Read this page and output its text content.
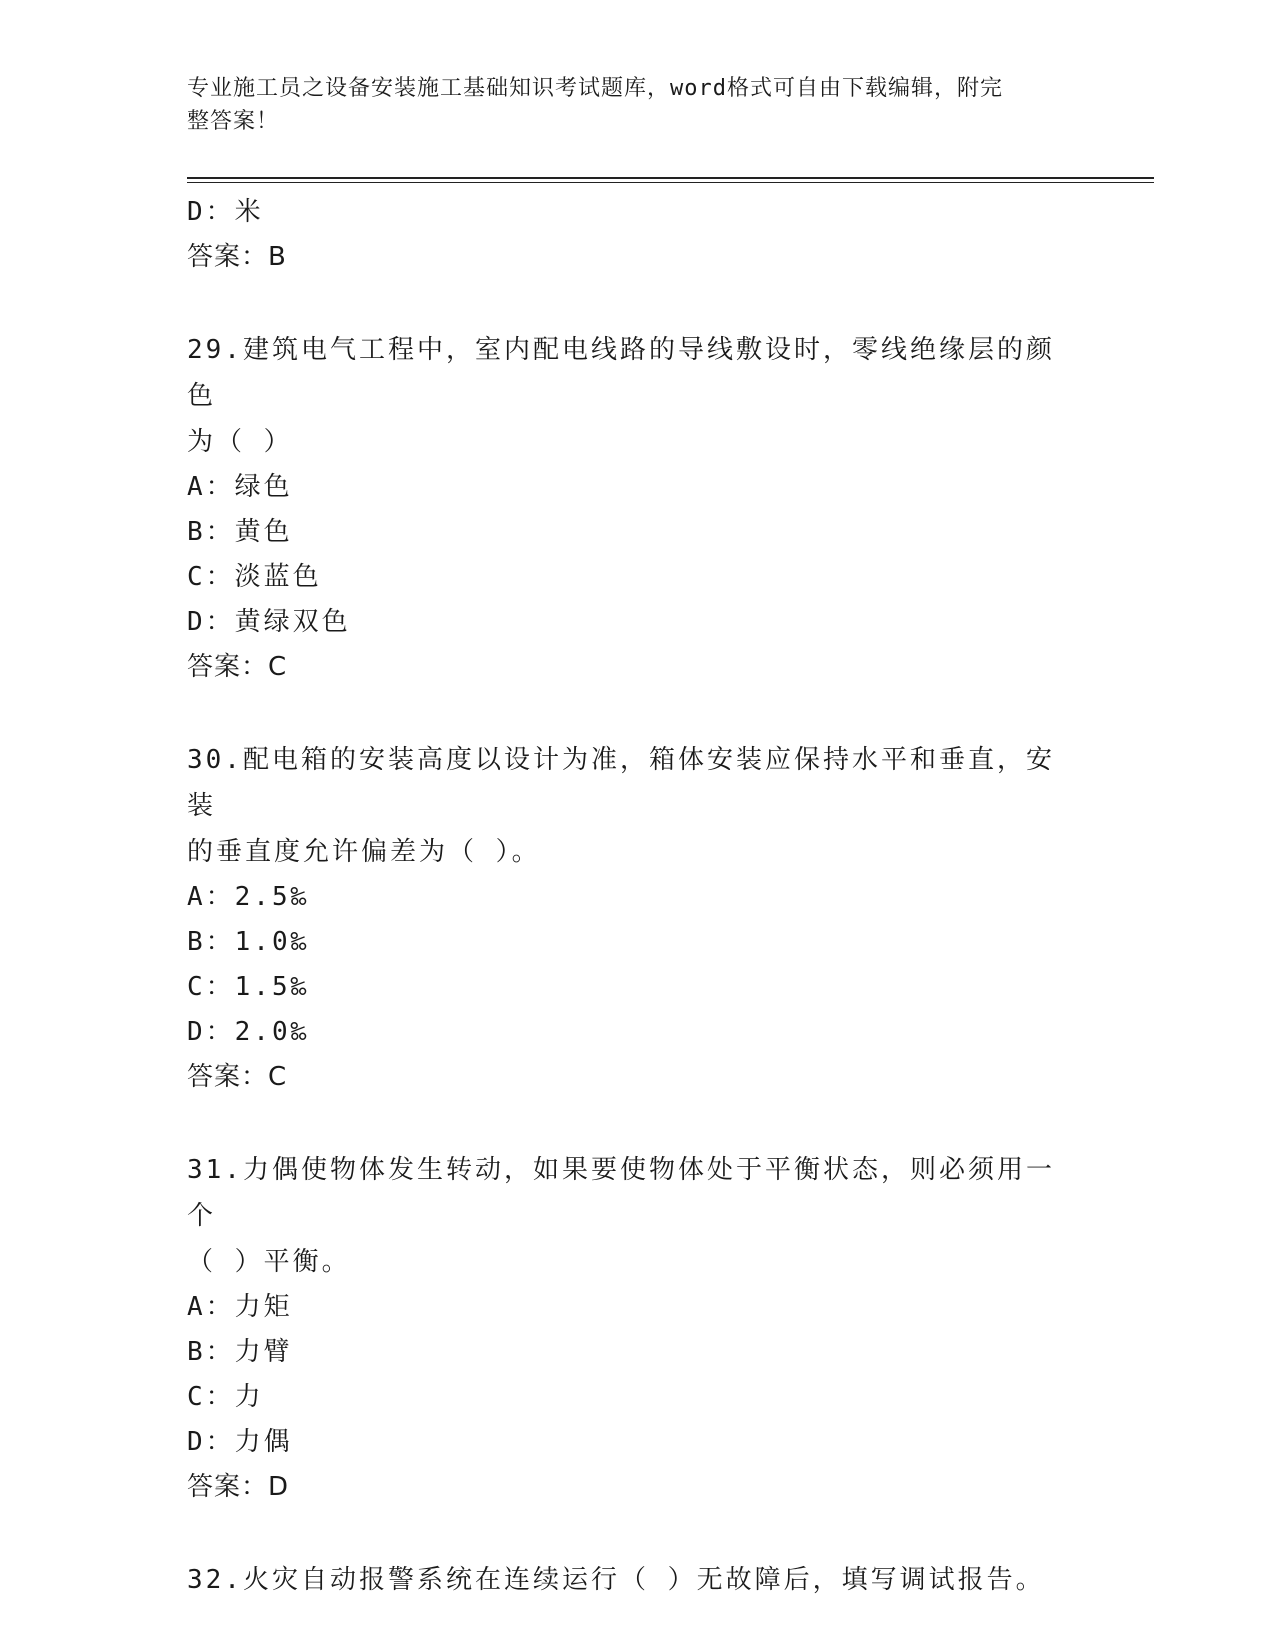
专业施工员之设备安装施工基础知识考试题库，word格式可自由下载编辑，附完
整答案！
D：米
答案：B
29.建筑电气工程中，室内配电线路的导线敷设时，零线绝缘层的颜色
为（ ）
A：绿色
B：黄色
C：淡蓝色
D：黄绿双色
答案：C
30.配电箱的安装高度以设计为准，箱体安装应保持水平和垂直，安装
的垂直度允许偏差为（ ）。
A：2.5‰
B：1.0‰
C：1.5‰
D：2.0‰
答案：C
31.力偶使物体发生转动，如果要使物体处于平衡状态，则必须用一个
（ ）平衡。
A：力矩
B：力臂
C：力
D：力偶
答案：D
32.火灾自动报警系统在连续运行（ ）无故障后，填写调试报告。
